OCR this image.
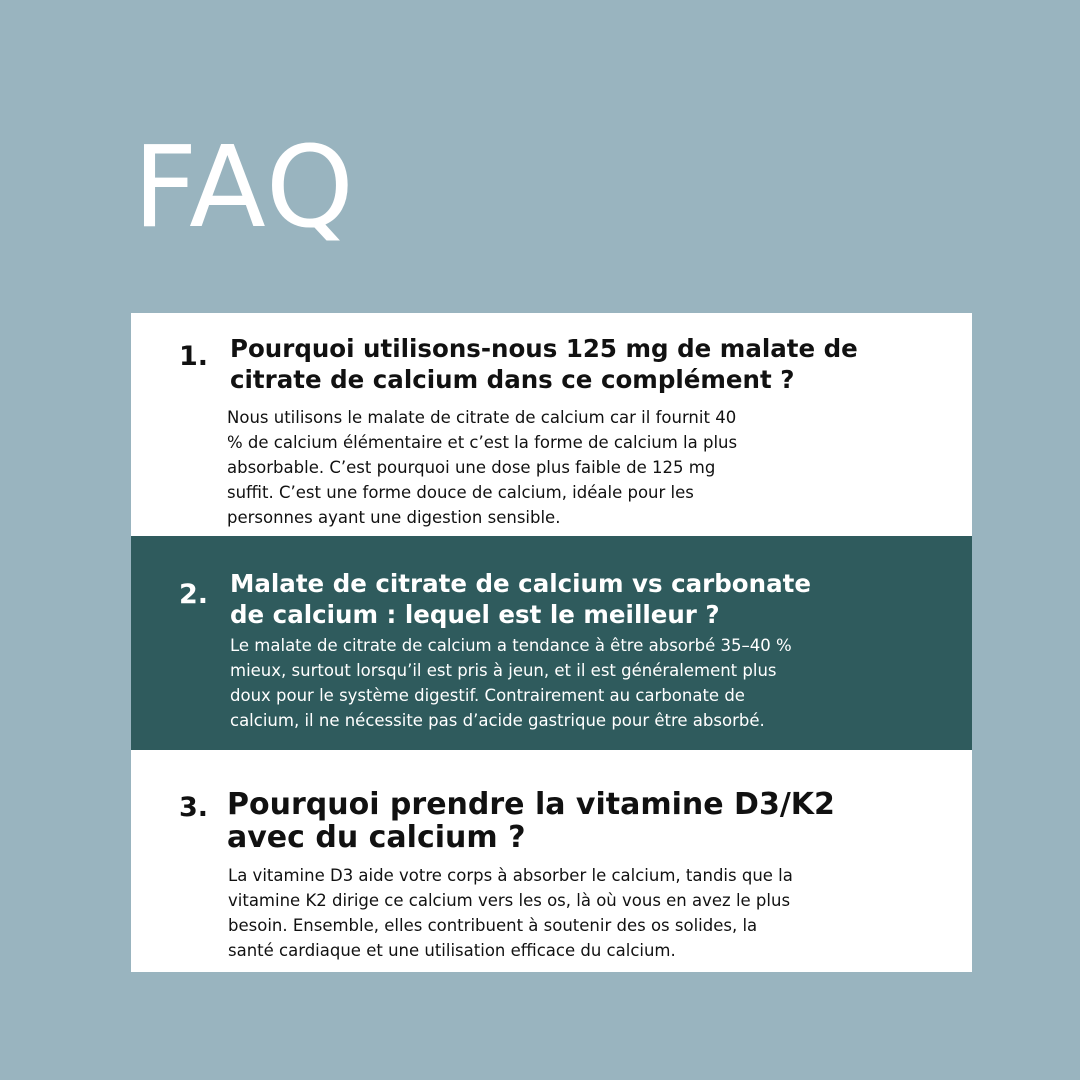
FAQ
1. Pourquoi utilisons-nous 125 mg de malate de
citrate de calcium dans ce complément ?

Nous utilisons le malate de citrate de calcium car il fournit 40
% de calcium élémentaire et c’est la forme de calcium la plus
absorbable. C’est pourquoi une dose plus faible de 125 mg
suffit. C’est une forme douce de calcium, idéale pour les
personnes ayant une digestion sensible.

2. Malate de citrate de calcium vs carbonate
de calcium : lequel est le meilleur ?

Le malate de citrate de calcium a tendance à être absorbé 35–40 %
mieux, surtout lorsqu’il est pris à jeun, et il est généralement plus
doux pour le système digestif. Contrairement au carbonate de
calcium, il ne nécessite pas d’acide gastrique pour être absorbé.

3. Pourquoi prendre la vitamine D3/K2
avec du calcium ?

La vitamine D3 aide votre corps à absorber le calcium, tandis que la
vitamine K2 dirige ce calcium vers les os, là où vous en avez le plus
besoin. Ensemble, elles contribuent à soutenir des os solides, la
santé cardiaque et une utilisation efficace du calcium.
